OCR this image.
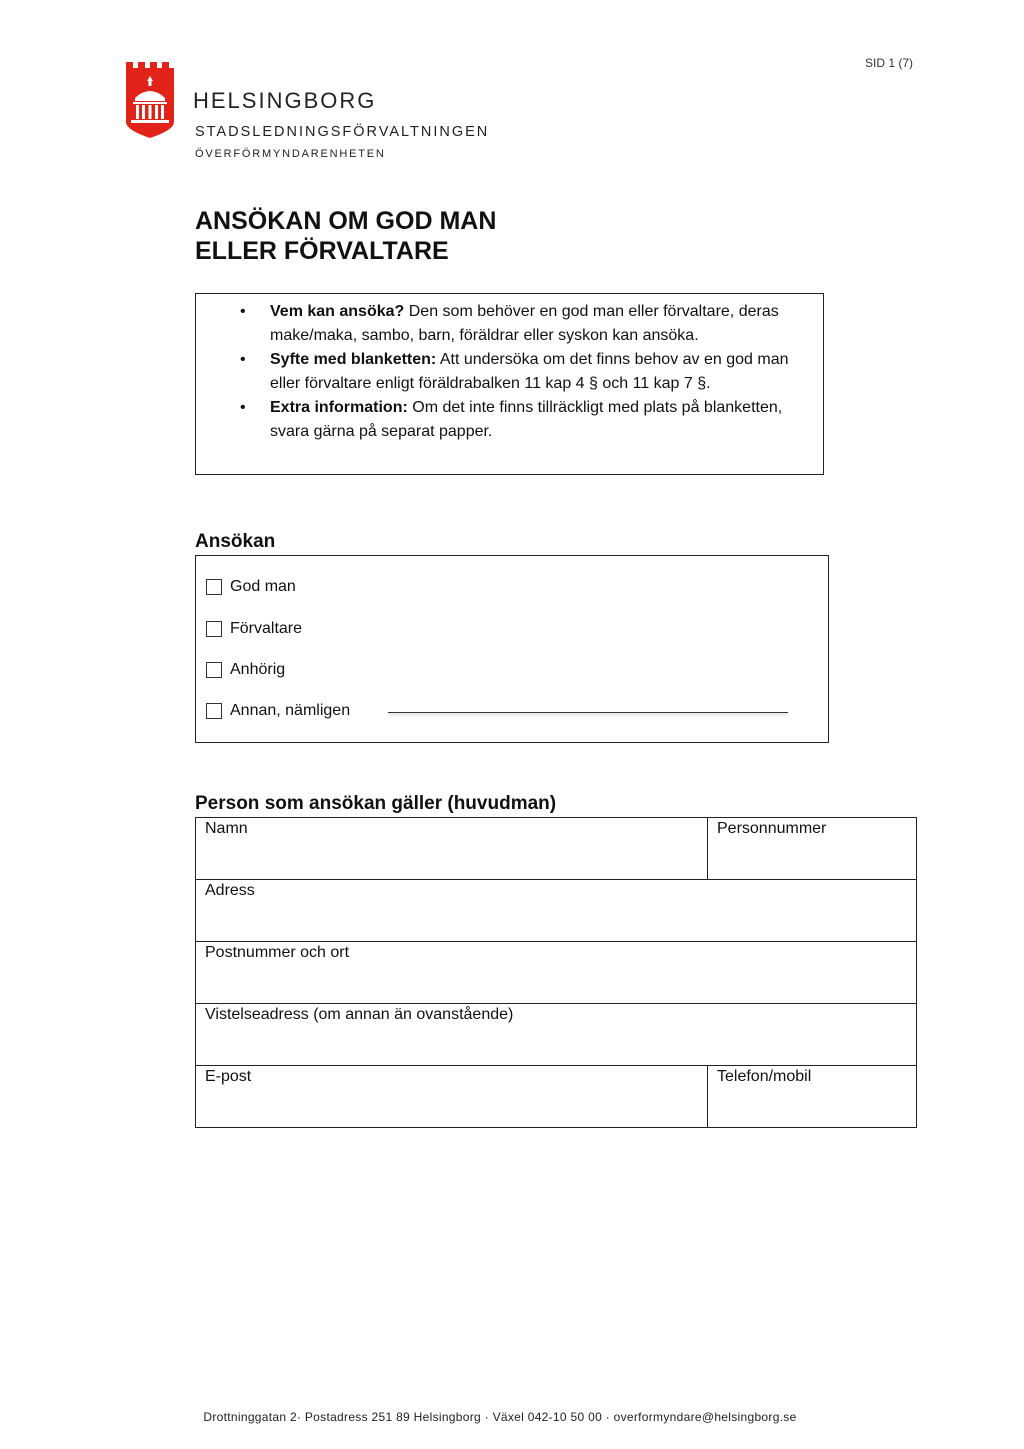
SID 1 (7)
HELSINGBORG
STADSLEDNINGSFÖRVALTNINGEN
ÖVERFÖRMYNDARENHETEN
ANSÖKAN OM GOD MAN
ELLER FÖRVALTARE
• Vem kan ansöka? Den som behöver en god man eller förvaltare, deras make/maka, sambo, barn, föräldrar eller syskon kan ansöka.
• Syfte med blanketten: Att undersöka om det finns behov av en god man eller förvaltare enligt föräldrabalken 11 kap 4 § och 11 kap 7 §.
• Extra information: Om det inte finns tillräckligt med plats på blanketten, svara gärna på separat papper.
Ansökan
God man
Förvaltare
Anhörig
Annan, nämligen
Person som ansökan gäller (huvudman)
Namn	Personnummer
Adress	
Postnummer och ort	
Vistelseadress (om annan än ovanstående)	
E-post	Telefon/mobil
Drottninggatan 2· Postadress 251 89 Helsingborg · Växel 042-10 50 00 · overformyndare@helsingborg.se
